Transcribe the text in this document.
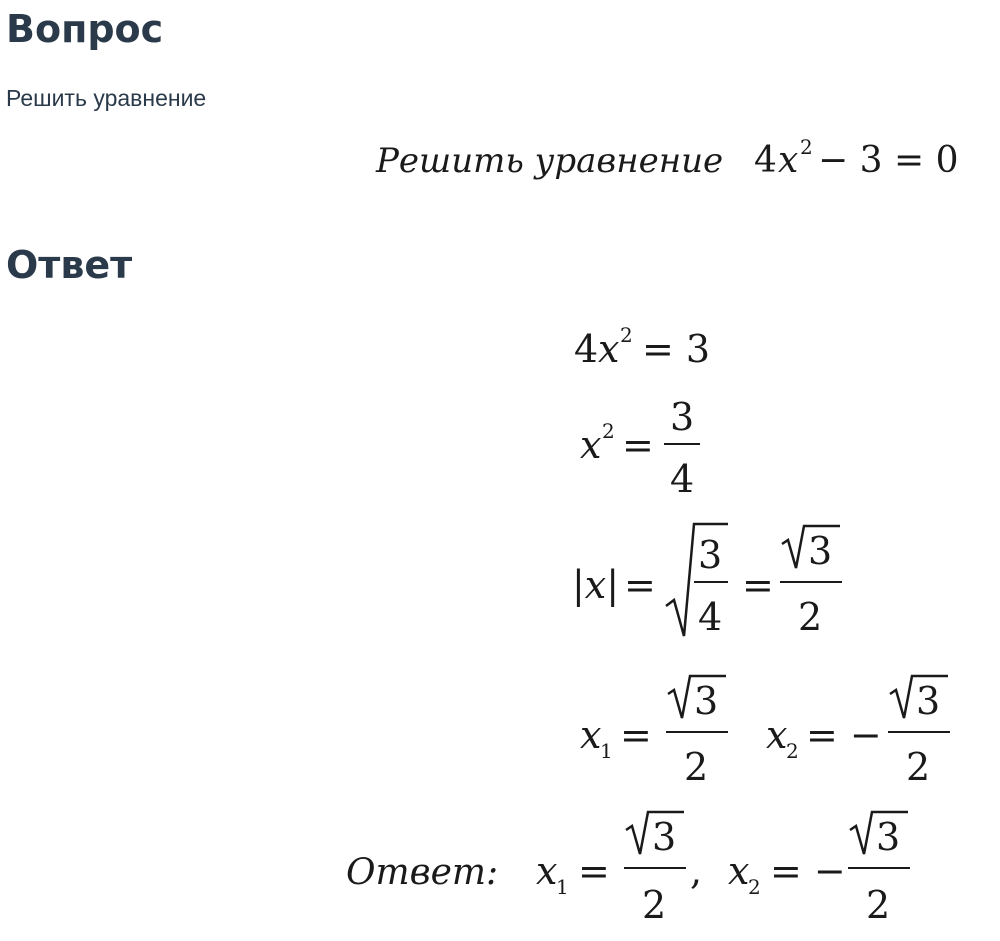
Вопрос
Решить уравнение
Решить уравнение 4 x 2 − 3 = 0
Ответ
4 x 2 = 3
x 2 =
3
4
|x| =
3
4
=
3
2
x
1 =
3
2
x
2 = −
3
2
Ответ: x
1 =
3
2
, x
2 = −
3
2
